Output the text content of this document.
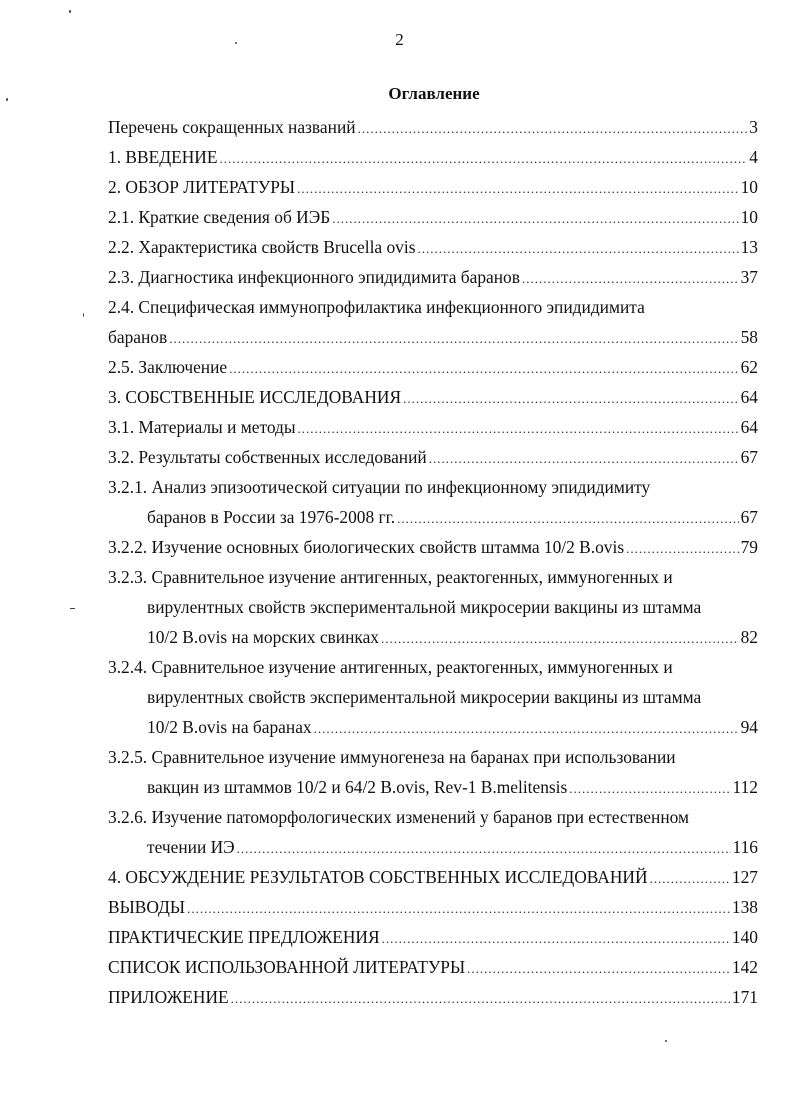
2
Оглавление
Перечень сокращенных названий .....	3
1. ВВЕДЕНИЕ .....	4
2. ОБЗОР ЛИТЕРАТУРЫ .....	10
2.1. Краткие сведения об ИЭБ .....	10
2.2. Характеристика свойств Brucella ovis .....	13
2.3. Диагностика инфекционного эпидидимита баранов .....	37
2.4. Специфическая иммунопрофилактика инфекционного эпидидимита
баранов .....	58
2.5. Заключение .....	62
3. СОБСТВЕННЫЕ ИССЛЕДОВАНИЯ .....	64
3.1. Материалы и методы .....	64
3.2. Результаты собственных исследований .....	67
3.2.1. Анализ эпизоотической ситуации по инфекционному эпидидимиту
баранов в России за 1976-2008 гг. .....	67
3.2.2. Изучение основных биологических свойств штамма 10/2 B.ovis .....	79
3.2.3. Сравнительное изучение антигенных, реактогенных, иммуногенных и
вирулентных свойств экспериментальной микросерии вакцины из штамма
10/2 B.ovis на морских свинках .....	82
3.2.4. Сравнительное изучение антигенных, реактогенных, иммуногенных и
вирулентных свойств экспериментальной микросерии вакцины из штамма
10/2 B.ovis на баранах .....	94
3.2.5. Сравнительное изучение иммуногенеза на баранах при использовании
вакцин из штаммов 10/2 и 64/2 B.ovis, Rev-1 B.melitensis .....	112
3.2.6. Изучение патоморфологических изменений у баранов при естественном
течении ИЭ .....	116
4. ОБСУЖДЕНИЕ РЕЗУЛЬТАТОВ СОБСТВЕННЫХ ИССЛЕДОВАНИЙ .....	127
ВЫВОДЫ .....	138
ПРАКТИЧЕСКИЕ ПРЕДЛОЖЕНИЯ .....	140
СПИСОК ИСПОЛЬЗОВАННОЙ ЛИТЕРАТУРЫ .....	142
ПРИЛОЖЕНИЕ .....	171
